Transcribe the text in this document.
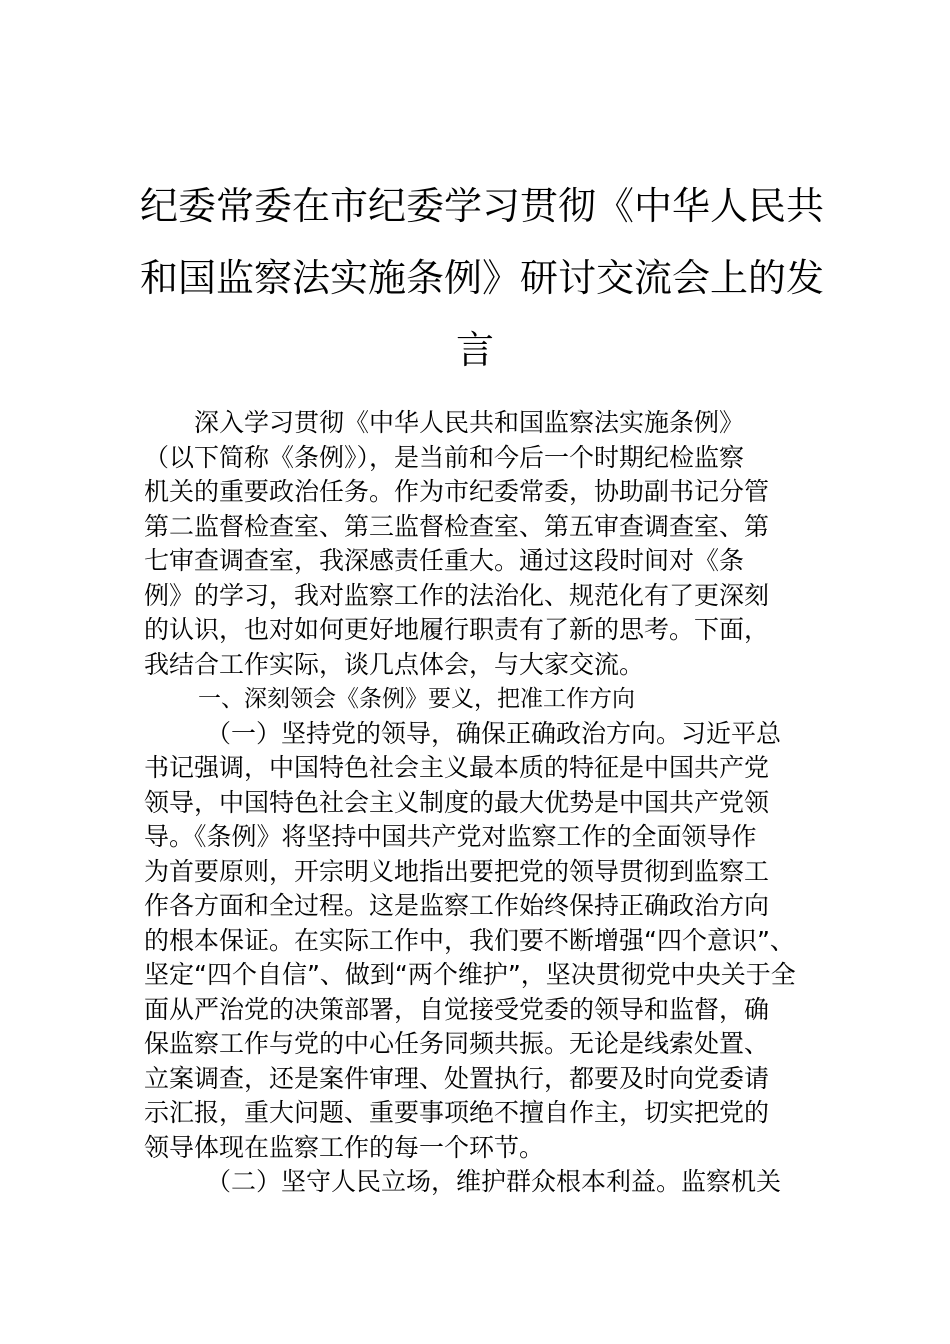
纪委常委在市纪委学习贯彻《中华人民共
和国监察法实施条例》研讨交流会上的发
言
深入学习贯彻《中华人民共和国监察法实施条例》
（以下简称《条例》），是当前和今后一个时期纪检监察
机关的重要政治任务。作为市纪委常委，协助副书记分管
第二监督检查室、第三监督检查室、第五审查调查室、第
七审查调查室，我深感责任重大。通过这段时间对《条
例》的学习，我对监察工作的法治化、规范化有了更深刻
的认识，也对如何更好地履行职责有了新的思考。下面，
我结合工作实际，谈几点体会，与大家交流。
一、深刻领会《条例》要义，把准工作方向
（一）坚持党的领导，确保正确政治方向。习近平总
书记强调，中国特色社会主义最本质的特征是中国共产党
领导，中国特色社会主义制度的最大优势是中国共产党领
导。《条例》将坚持中国共产党对监察工作的全面领导作
为首要原则，开宗明义地指出要把党的领导贯彻到监察工
作各方面和全过程。这是监察工作始终保持正确政治方向
的根本保证。在实际工作中，我们要不断增强“四个意识”、
坚定“四个自信”、做到“两个维护”，坚决贯彻党中央关于全
面从严治党的决策部署，自觉接受党委的领导和监督，确
保监察工作与党的中心任务同频共振。无论是线索处置、
立案调查，还是案件审理、处置执行，都要及时向党委请
示汇报，重大问题、重要事项绝不擅自作主，切实把党的
领导体现在监察工作的每一个环节。
（二）坚守人民立场，维护群众根本利益。监察机关
